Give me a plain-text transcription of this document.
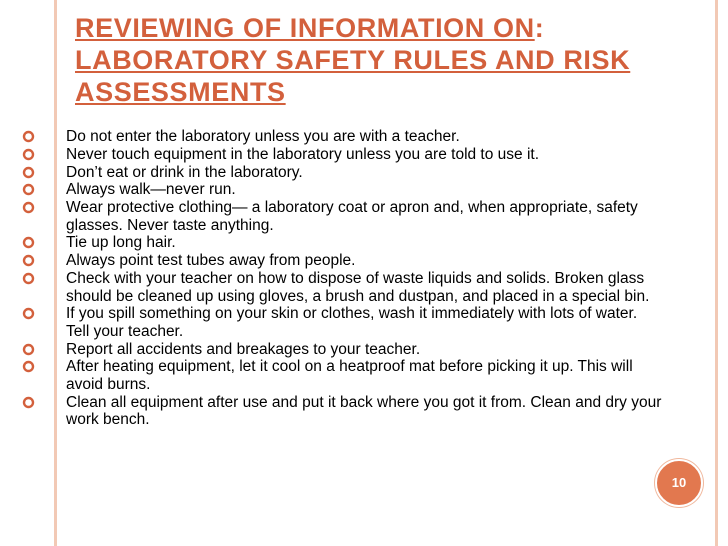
REVIEWING OF INFORMATION ON:
LABORATORY SAFETY RULES AND RISK ASSESSMENTS
Do not enter the laboratory unless you are with a teacher.
Never touch equipment in the laboratory unless you are told to use it.
Don’t eat or drink in the laboratory.
Always walk—never run.
Wear protective clothing— a laboratory coat or apron and, when appropriate, safety glasses. Never taste anything.
Tie up long hair.
Always point test tubes away from people.
Check with your teacher on how to dispose of waste liquids and solids. Broken glass should be cleaned up using gloves, a brush and dustpan, and placed in a special bin.
If you spill something on your skin or clothes, wash it immediately with lots of water. Tell your teacher.
Report all accidents and breakages to your teacher.
After heating equipment, let it cool on a heatproof mat before picking it up. This will avoid burns.
Clean all equipment after use and put it back where you got it from. Clean and dry your work bench.
10
